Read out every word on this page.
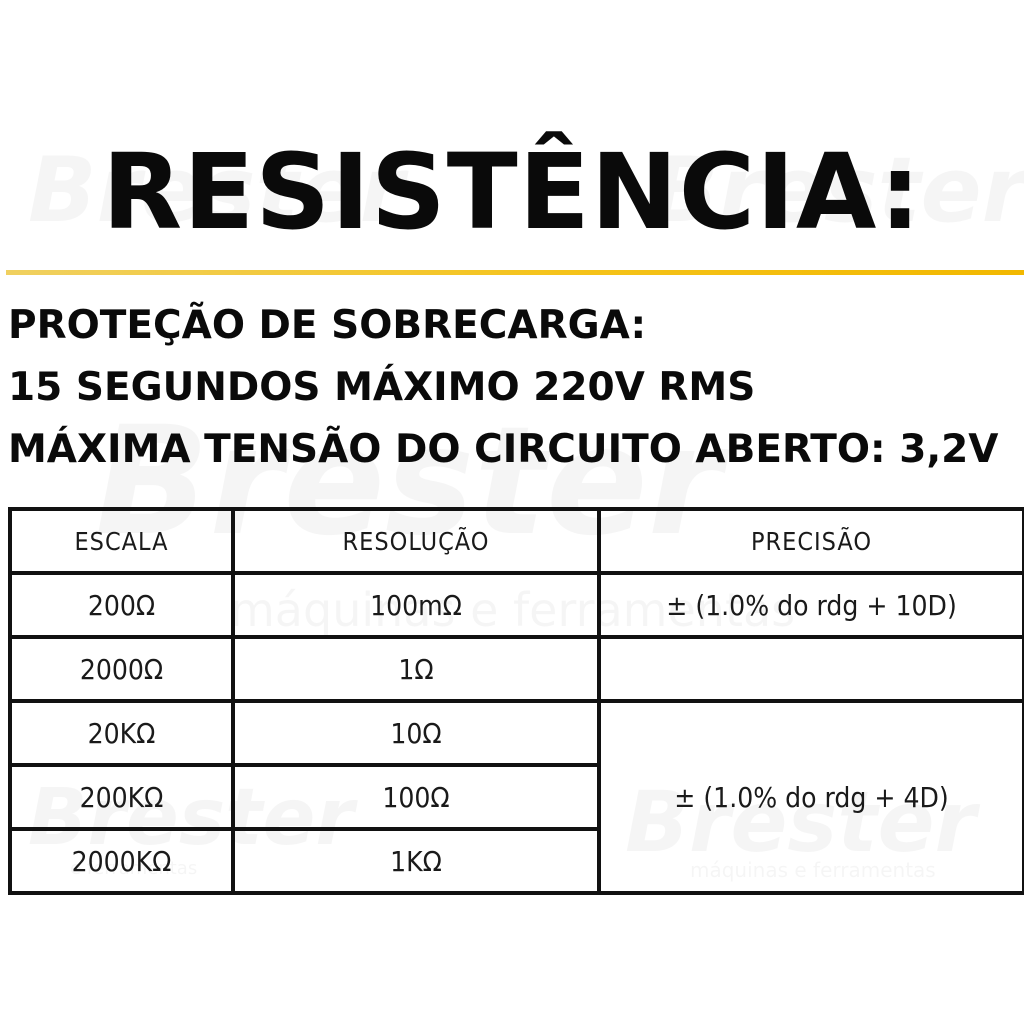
RESISTÊNCIA:
PROTEÇÃO DE SOBRECARGA:
15 SEGUNDOS MÁXIMO 220V RMS
MÁXIMA TENSÃO DO CIRCUITO ABERTO: 3,2V
ESCALA	RESOLUÇÃO	PRECISÃO
200Ω	100mΩ	± (1.0% do rdg + 10D)
2000Ω	1Ω	
20KΩ	10Ω	± (1.0% do rdg + 4D)
200KΩ	100Ω	
2000KΩ	1KΩ	
